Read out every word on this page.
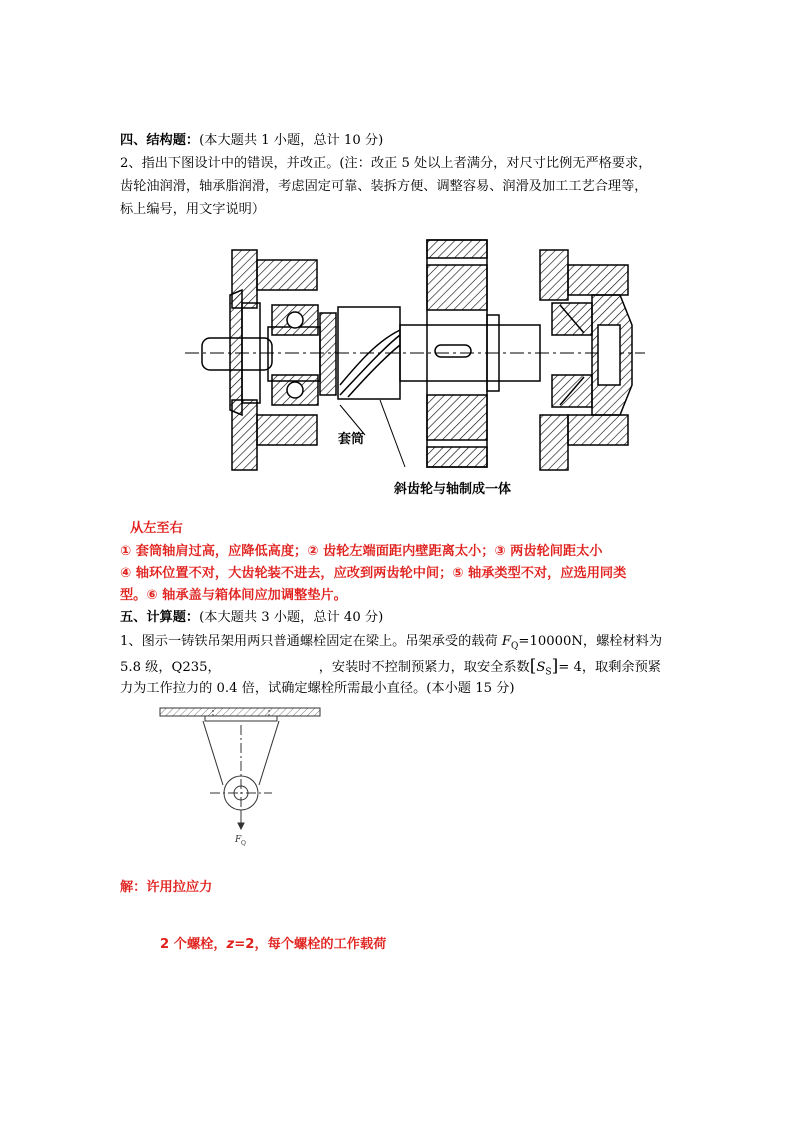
四、结构题：(本大题共 1 小题，总计 10 分)
2、指出下图设计中的错误，并改正。(注：改正 5 处以上者满分，对尺寸比例无严格要求，
齿轮油润滑，轴承脂润滑，考虑固定可靠、装拆方便、调整容易、润滑及加工工艺合理等，
标上编号，用文字说明）
套筒
斜齿轮与轴制成一体
从左至右
① 套筒轴肩过高，应降低高度；② 齿轮左端面距内壁距离太小；③ 两齿轮间距太小
④ 轴环位置不对，大齿轮装不进去，应改到两齿轮中间；⑤ 轴承类型不对，应选用同类
型。⑥ 轴承盖与箱体间应加调整垫片。
五、计算题：(本大题共 3 小题，总计 40 分)
1、图示一铸铁吊架用两只普通螺栓固定在梁上。吊架承受的载荷 $F_Q=10000N$，螺栓材料为
5.8 级，Q235，	，安装时不控制预紧力，取安全系数$[S_S]= 4$，取剩余预紧
力为工作拉力的 0.4 倍，试确定螺栓所需最小直径。(本小题 15 分)
F Q
解：许用拉应力
2 个螺栓，z=2，每个螺栓的工作载荷
